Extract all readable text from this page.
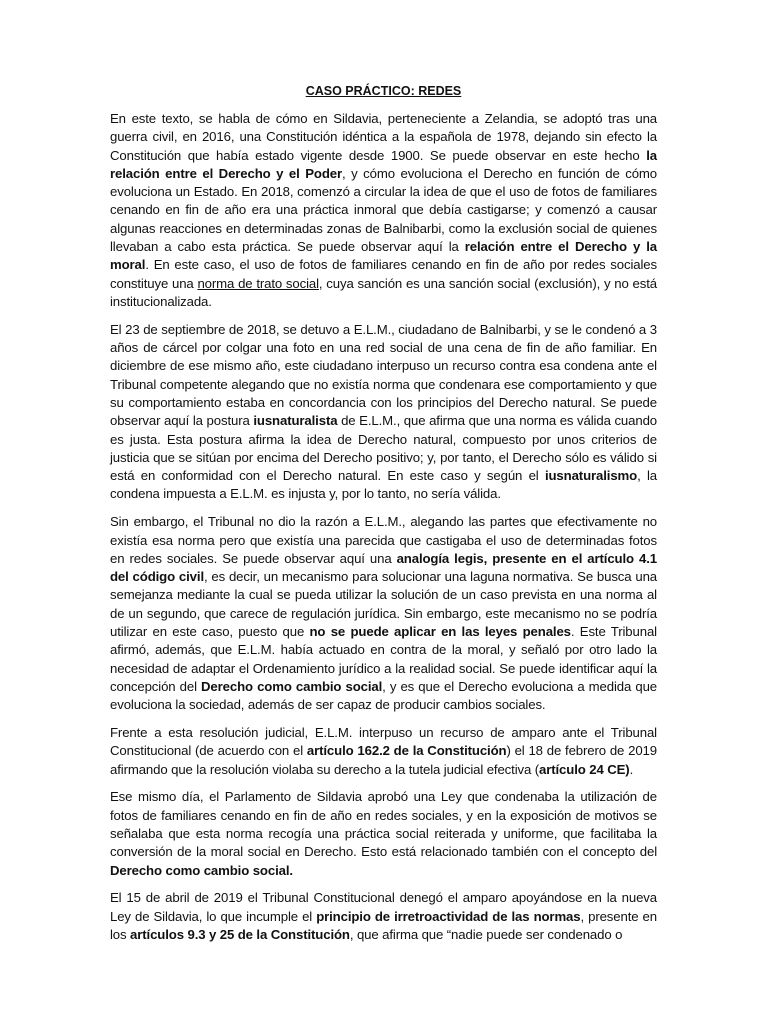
CASO PRÁCTICO: REDES

En este texto, se habla de cómo en Sildavia, perteneciente a Zelandia, se adoptó tras una guerra civil, en 2016, una Constitución idéntica a la española de 1978, dejando sin efecto la Constitución que había estado vigente desde 1900. Se puede observar en este hecho la relación entre el Derecho y el Poder, y cómo evoluciona el Derecho en función de cómo evoluciona un Estado. En 2018, comenzó a circular la idea de que el uso de fotos de familiares cenando en fin de año era una práctica inmoral que debía castigarse; y comenzó a causar algunas reacciones en determinadas zonas de Balnibarbi, como la exclusión social de quienes llevaban a cabo esta práctica. Se puede observar aquí la relación entre el Derecho y la moral. En este caso, el uso de fotos de familiares cenando en fin de año por redes sociales constituye una norma de trato social, cuya sanción es una sanción social (exclusión), y no está institucionalizada.

El 23 de septiembre de 2018, se detuvo a E.L.M., ciudadano de Balnibarbi, y se le condenó a 3 años de cárcel por colgar una foto en una red social de una cena de fin de año familiar. En diciembre de ese mismo año, este ciudadano interpuso un recurso contra esa condena ante el Tribunal competente alegando que no existía norma que condenara ese comportamiento y que su comportamiento estaba en concordancia con los principios del Derecho natural. Se puede observar aquí la postura iusnaturalista de E.L.M., que afirma que una norma es válida cuando es justa. Esta postura afirma la idea de Derecho natural, compuesto por unos criterios de justicia que se sitúan por encima del Derecho positivo; y, por tanto, el Derecho sólo es válido si está en conformidad con el Derecho natural. En este caso y según el iusnaturalismo, la condena impuesta a E.L.M. es injusta y, por lo tanto, no sería válida.

Sin embargo, el Tribunal no dio la razón a E.L.M., alegando las partes que efectivamente no existía esa norma pero que existía una parecida que castigaba el uso de determinadas fotos en redes sociales. Se puede observar aquí una analogía legis, presente en el artículo 4.1 del código civil, es decir, un mecanismo para solucionar una laguna normativa. Se busca una semejanza mediante la cual se pueda utilizar la solución de un caso prevista en una norma al de un segundo, que carece de regulación jurídica. Sin embargo, este mecanismo no se podría utilizar en este caso, puesto que no se puede aplicar en las leyes penales. Este Tribunal afirmó, además, que E.L.M. había actuado en contra de la moral, y señaló por otro lado la necesidad de adaptar el Ordenamiento jurídico a la realidad social. Se puede identificar aquí la concepción del Derecho como cambio social, y es que el Derecho evoluciona a medida que evoluciona la sociedad, además de ser capaz de producir cambios sociales.

Frente a esta resolución judicial, E.L.M. interpuso un recurso de amparo ante el Tribunal Constitucional (de acuerdo con el artículo 162.2 de la Constitución) el 18 de febrero de 2019 afirmando que la resolución violaba su derecho a la tutela judicial efectiva (artículo 24 CE).

Ese mismo día, el Parlamento de Sildavia aprobó una Ley que condenaba la utilización de fotos de familiares cenando en fin de año en redes sociales, y en la exposición de motivos se señalaba que esta norma recogía una práctica social reiterada y uniforme, que facilitaba la conversión de la moral social en Derecho. Esto está relacionado también con el concepto del Derecho como cambio social.

El 15 de abril de 2019 el Tribunal Constitucional denegó el amparo apoyándose en la nueva Ley de Sildavia, lo que incumple el principio de irretroactividad de las normas, presente en los artículos 9.3 y 25 de la Constitución, que afirma que “nadie puede ser condenado o
